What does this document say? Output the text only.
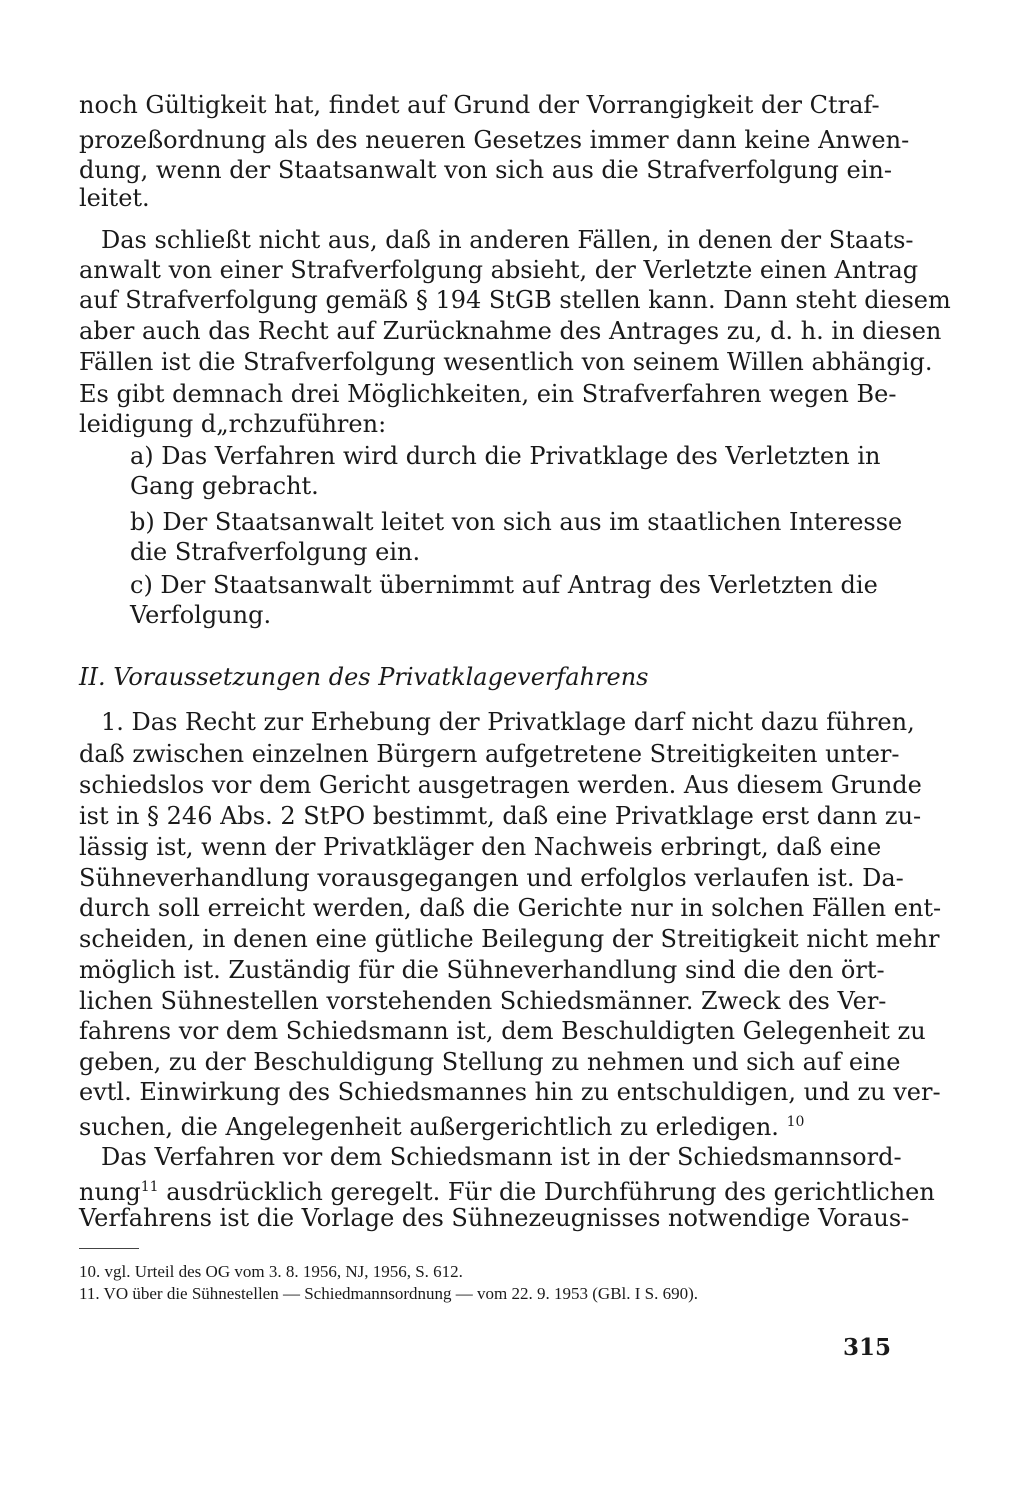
noch Gültigkeit hat, findet auf Grund der Vorrangigkeit der Ctraf-
prozeßordnung als des neueren Gesetzes immer dann keine Anwen-
dung, wenn der Staatsanwalt von sich aus die Strafverfolgung ein-
leitet.
Das schließt nicht aus, daß in anderen Fällen, in denen der Staats-
anwalt von einer Strafverfolgung absieht, der Verletzte einen Antrag
auf Strafverfolgung gemäß § 194 StGB stellen kann. Dann steht diesem
aber auch das Recht auf Zurücknahme des Antrages zu, d. h. in diesen
Fällen ist die Strafverfolgung wesentlich von seinem Willen abhängig.
Es gibt demnach drei Möglichkeiten, ein Strafverfahren wegen Be-
leidigung d„rchzuführen:
a) Das Verfahren wird durch die Privatklage des Verletzten in
Gang gebracht.
b) Der Staatsanwalt leitet von sich aus im staatlichen Interesse
die Strafverfolgung ein.
c) Der Staatsanwalt übernimmt auf Antrag des Verletzten die
Verfolgung.
II. Voraussetzungen des Privatklageverfahrens
1. Das Recht zur Erhebung der Privatklage darf nicht dazu führen,
daß zwischen einzelnen Bürgern aufgetretene Streitigkeiten unter-
schiedslos vor dem Gericht ausgetragen werden. Aus diesem Grunde
ist in § 246 Abs. 2 StPO bestimmt, daß eine Privatklage erst dann zu-
lässig ist, wenn der Privatkläger den Nachweis erbringt, daß eine
Sühneverhandlung vorausgegangen und erfolglos verlaufen ist. Da-
durch soll erreicht werden, daß die Gerichte nur in solchen Fällen ent-
scheiden, in denen eine gütliche Beilegung der Streitigkeit nicht mehr
möglich ist. Zuständig für die Sühneverhandlung sind die den ört-
lichen Sühnestellen vorstehenden Schiedsmänner. Zweck des Ver-
fahrens vor dem Schiedsmann ist, dem Beschuldigten Gelegenheit zu
geben, zu der Beschuldigung Stellung zu nehmen und sich auf eine
evtl. Einwirkung des Schiedsmannes hin zu entschuldigen, und zu ver-
suchen, die Angelegenheit außergerichtlich zu erledigen. $^{10}$
Das Verfahren vor dem Schiedsmann ist in der Schiedsmannsord-
nung$^{11}$ ausdrücklich geregelt. Für die Durchführung des gerichtlichen
Verfahrens ist die Vorlage des Sühnezeugnisses notwendige Voraus-
10. vgl. Urteil des OG vom 3. 8. 1956, NJ, 1956, S. 612.
11. VO über die Sühnestellen — Schiedmannsordnung — vom 22. 9. 1953 (GBl. I S. 690).
315
